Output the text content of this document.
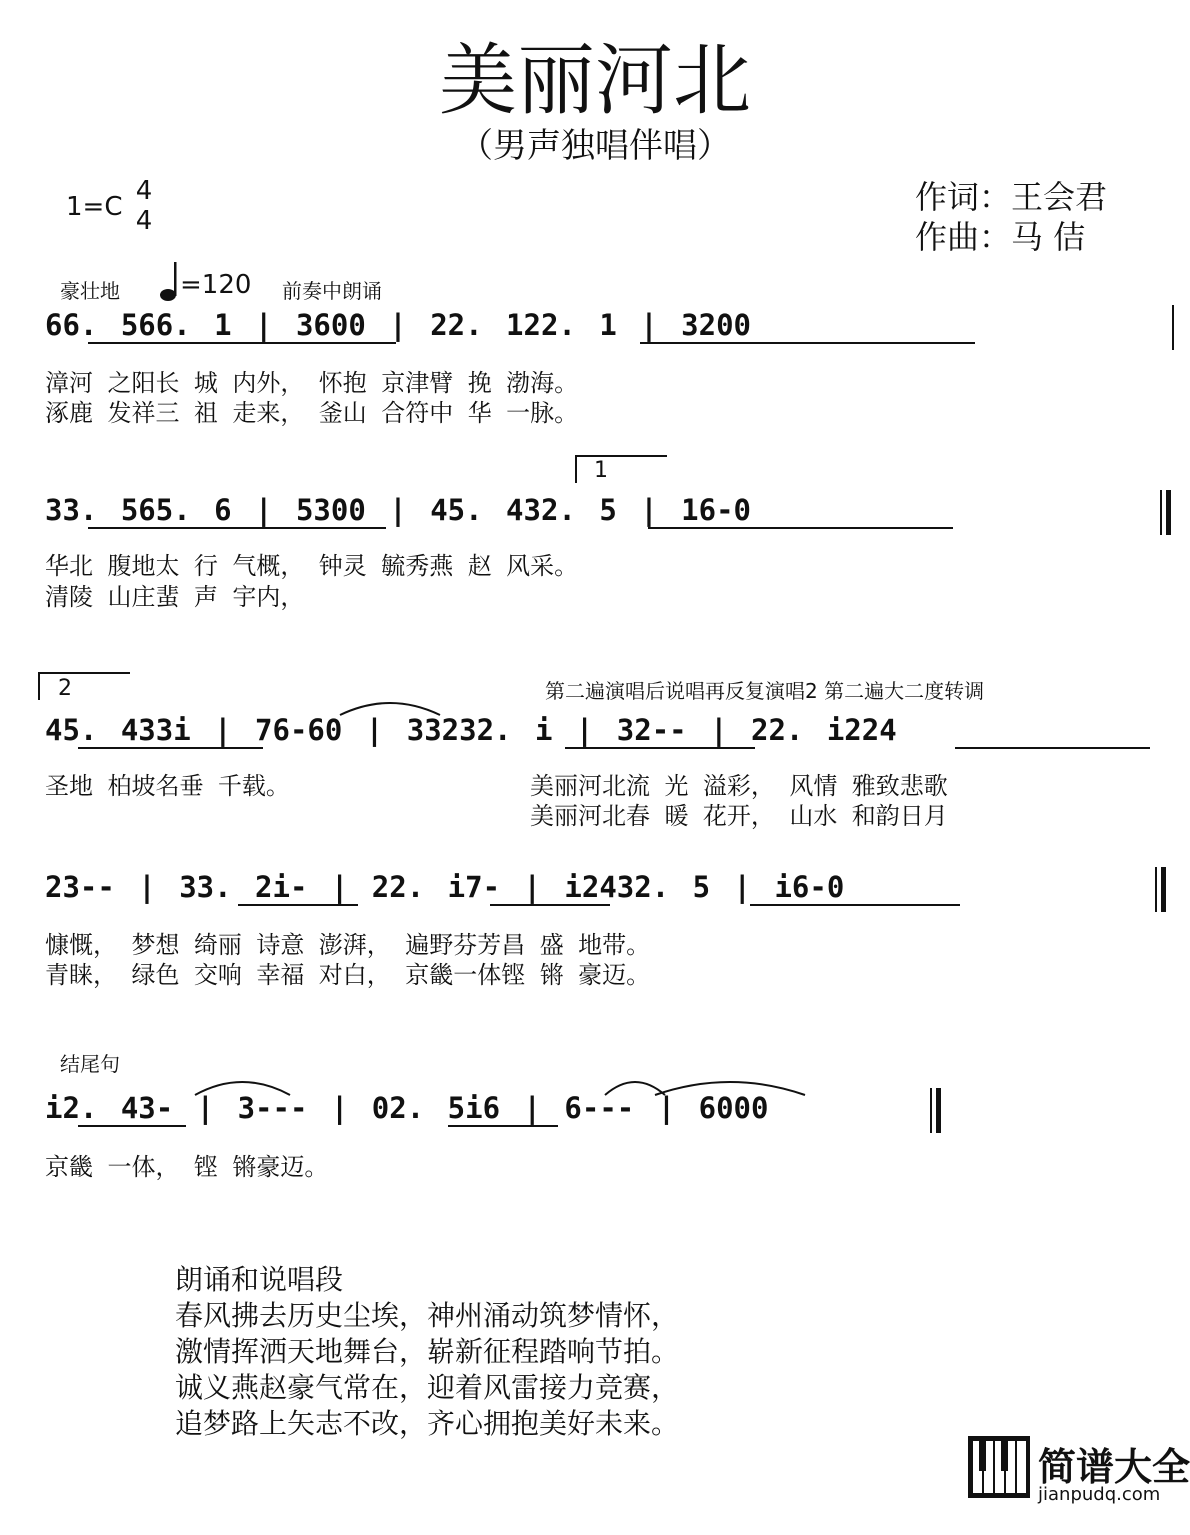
美丽河北
（男声独唱伴唱）
1=C
4
4
作词：王会君
作曲：马 佶
豪壮地 =120 前奏中朗诵
66. 566. 1 | 3600 | 22. 122. 1 | 3200
漳河 之阳长 城 内外， 怀抱 京津臂 挽 渤海。
涿鹿 发祥三 祖 走来， 釜山 合符中 华 一脉。
1
33. 565. 6 | 5300 | 45. 432. 5 | 16-0
华北 腹地太 行 气概， 钟灵 毓秀燕 赵 风采。
清陵 山庄蜚 声 宇内，
2	第二遍演唱后说唱再反复演唱2 第二遍大二度转调
45. 433i | 76-60 | 33232. i | 32-- | 22. i224
圣地 柏坡名垂 千载。	美丽河北流 光 溢彩， 风情 雅致悲歌
美丽河北春 暖 花开， 山水 和韵日月
23-- | 33. 2i- | 22. i7- | i2432. 5 | i6-0
慷慨， 梦想 绮丽 诗意 澎湃， 遍野芬芳昌 盛 地带。
青睐， 绿色 交响 幸福 对白， 京畿一体铿 锵 豪迈。
结尾句
i2. 43- | 3--- | 02. 5i6 | 6--- | 6000
京畿 一体， 铿 锵豪迈。
朗诵和说唱段
春风拂去历史尘埃，神州涌动筑梦情怀，
激情挥洒天地舞台，崭新征程踏响节拍。
诚义燕赵豪气常在，迎着风雷接力竞赛，
追梦路上矢志不改，齐心拥抱美好未来。
简谱大全
jianpudq.com
